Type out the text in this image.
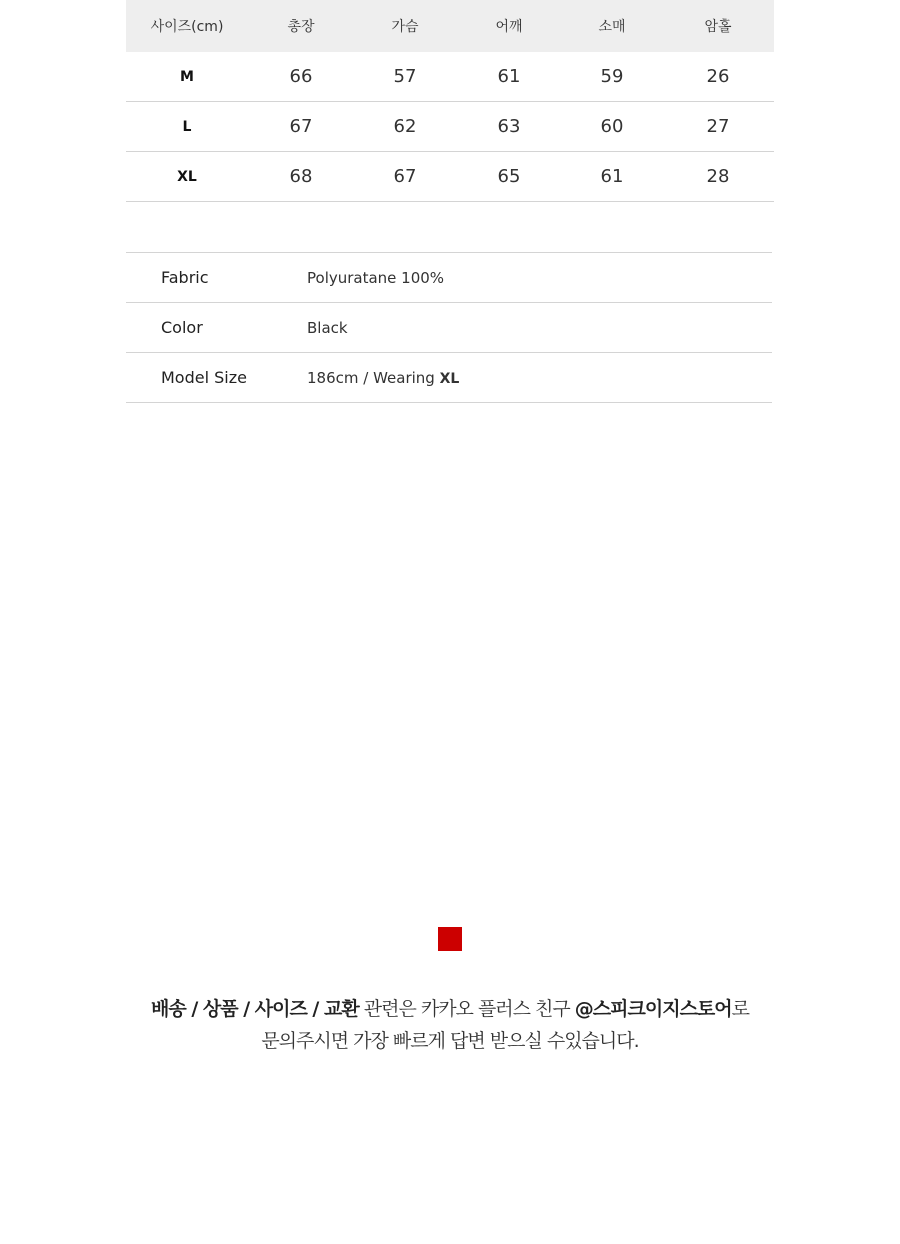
사이즈(cm)	총장	가슴	어깨	소매	암홀
M	66	57	61	59	26
L	67	62	63	60	27
XL	68	67	65	61	28
Fabric	Polyuratane 100%
Color	Black
Model Size	186cm / Wearing XL
배송 / 상품 / 사이즈 / 교환 관련은 카카오 플러스 친구 @스피크이지스토어로
문의주시면 가장 빠르게 답변 받으실 수있습니다.
